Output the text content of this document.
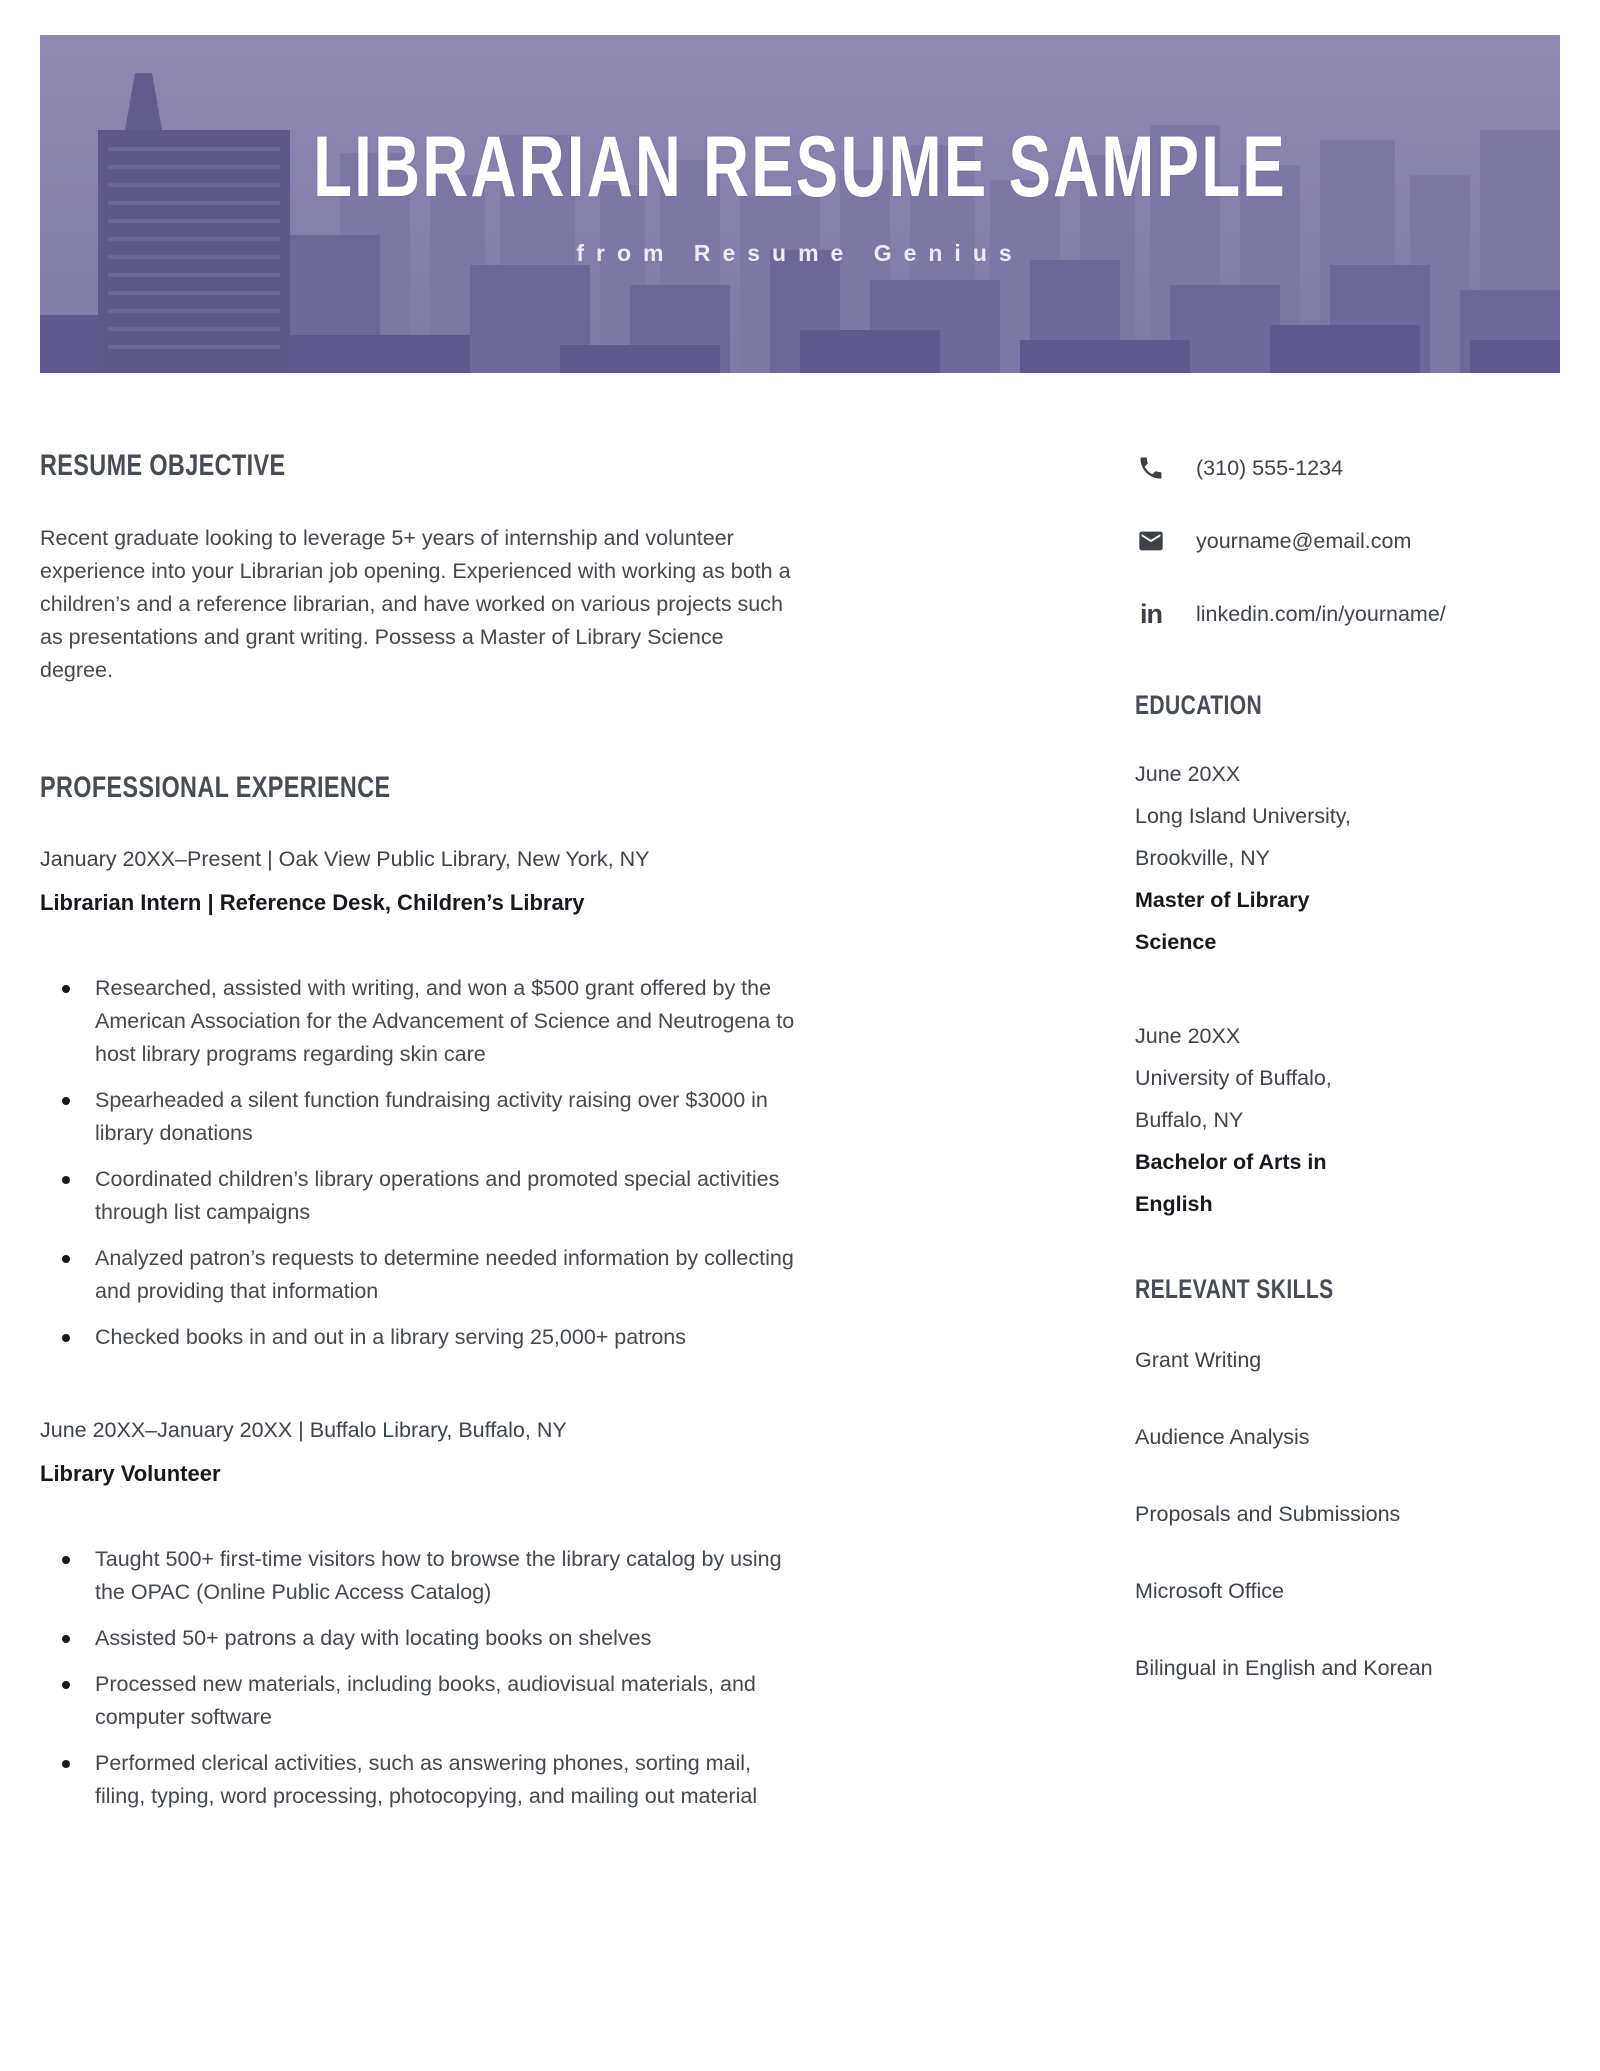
LIBRARIAN RESUME SAMPLE
from Resume Genius
RESUME OBJECTIVE

Recent graduate looking to leverage 5+ years of internship and volunteer experience into your Librarian job opening. Experienced with working as both a children’s and a reference librarian, and have worked on various projects such as presentations and grant writing. Possess a Master of Library Science degree.

PROFESSIONAL EXPERIENCE
January 20XX–Present | Oak View Public Library, New York, NY
Librarian Intern | Reference Desk, Children’s Library
Researched, assisted with writing, and won a $500 grant offered by the American Association for the Advancement of Science and Neutrogena to host library programs regarding skin care
Spearheaded a silent function fundraising activity raising over $3000 in library donations
Coordinated children’s library operations and promoted special activities through list campaigns
Analyzed patron’s requests to determine needed information by collecting and providing that information
Checked books in and out in a library serving 25,000+ patrons
June 20XX–January 20XX | Buffalo Library, Buffalo, NY
Library Volunteer
Taught 500+ first-time visitors how to browse the library catalog by using the OPAC (Online Public Access Catalog)
Assisted 50+ patrons a day with locating books on shelves
Processed new materials, including books, audiovisual materials, and computer software
Performed clerical activities, such as answering phones, sorting mail, filing, typing, word processing, photocopying, and mailing out material
(310) 555-1234
yourname@email.com
in linkedin.com/in/yourname/
EDUCATION
June 20XX
Long Island University,
Brookville, NY
Master of Library Science
June 20XX
University of Buffalo,
Buffalo, NY
Bachelor of Arts in English
RELEVANT SKILLS
Grant Writing
Audience Analysis
Proposals and Submissions
Microsoft Office
Bilingual in English and Korean
